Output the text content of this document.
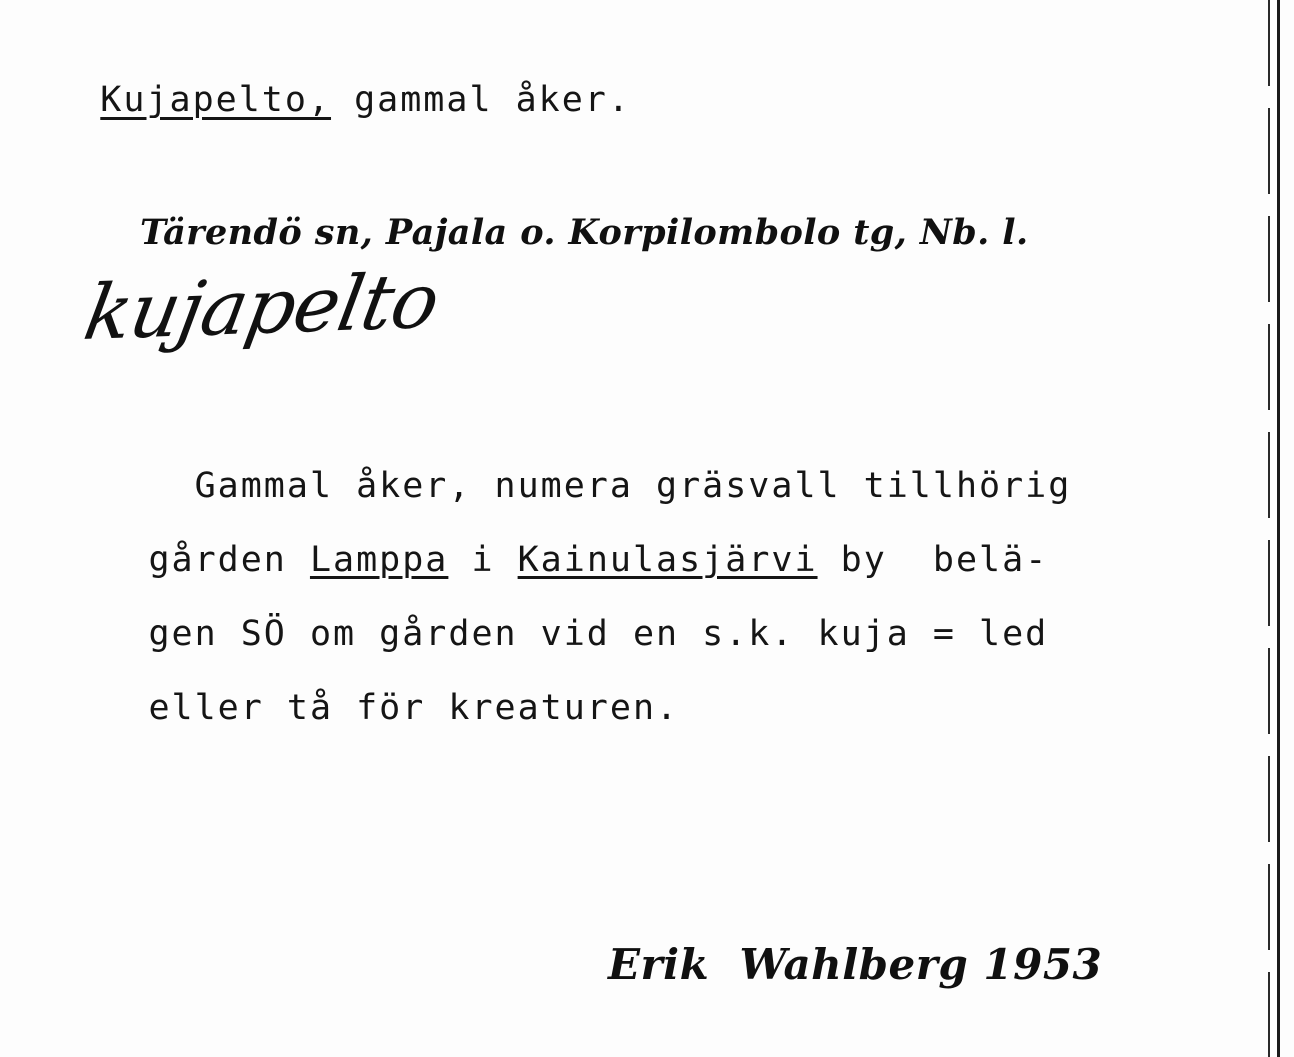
Kujapelto, gammal åker.

Tärendö sn, Pajala o. Korpilombolo tg, Nb. l.
kujapelto

Gammal åker, numera gräsvall tillhörig

gården Lamppa i Kainulasjärvi by  belä-

gen SÖ om gården vid en s.k. kuja = led

eller tå för kreaturen.

Erik  Wahlberg 1953
